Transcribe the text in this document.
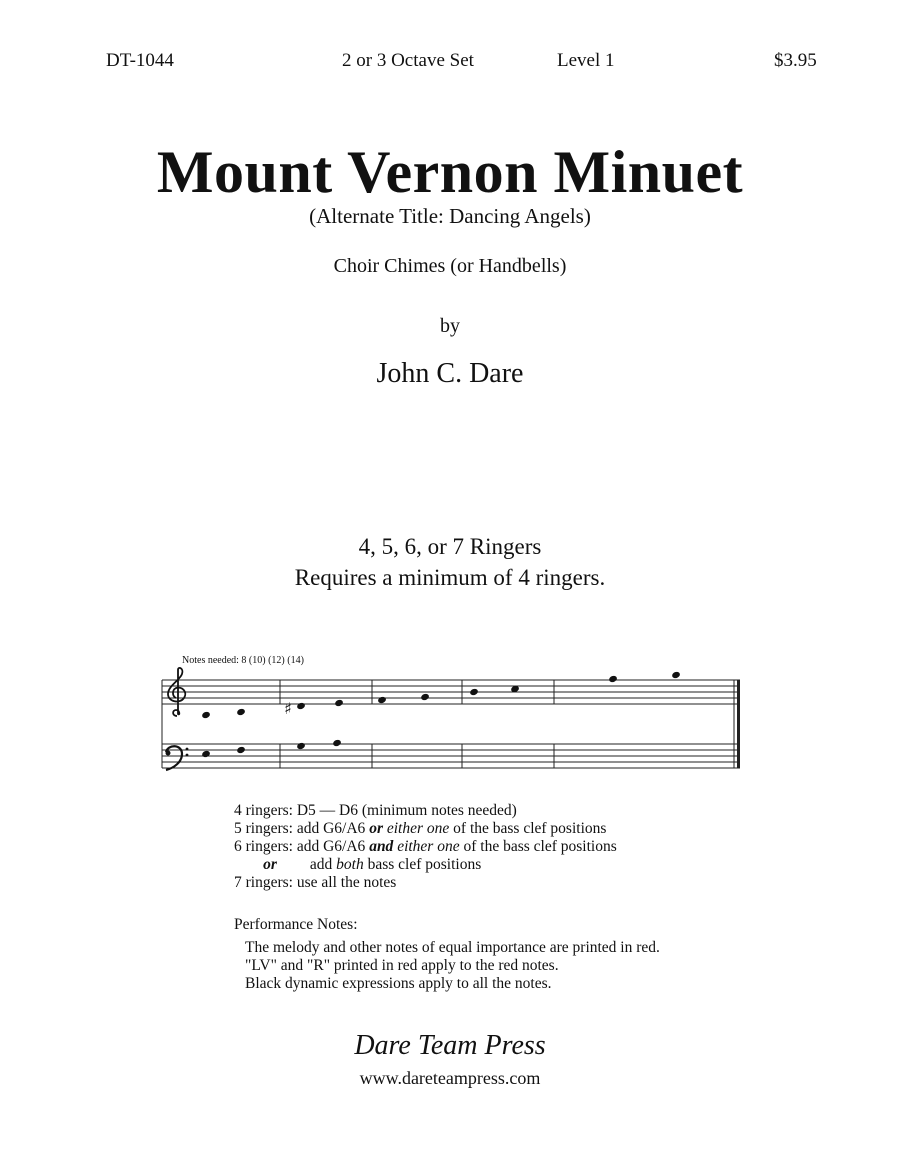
DT-1044	2 or 3 Octave Set	Level 1	$3.95
Mount Vernon Minuet
(Alternate Title: Dancing Angels)
Choir Chimes (or Handbells)
by
John C. Dare
4, 5, 6, or 7 Ringers
Requires a minimum of 4 ringers.
Notes needed: 8 (10) (12) (14)
♯
4 ringers: D5 — D6 (minimum notes needed)
5 ringers: add G6/A6 or either one of the bass clef positions
6 ringers: add G6/A6 and either one of the bass clef positions
or add both bass clef positions
7 ringers: use all the notes
Performance Notes:
The melody and other notes of equal importance are printed in red.
"LV" and "R" printed in red apply to the red notes.
Black dynamic expressions apply to all the notes.
Dare Team Press
www.dareteampress.com
